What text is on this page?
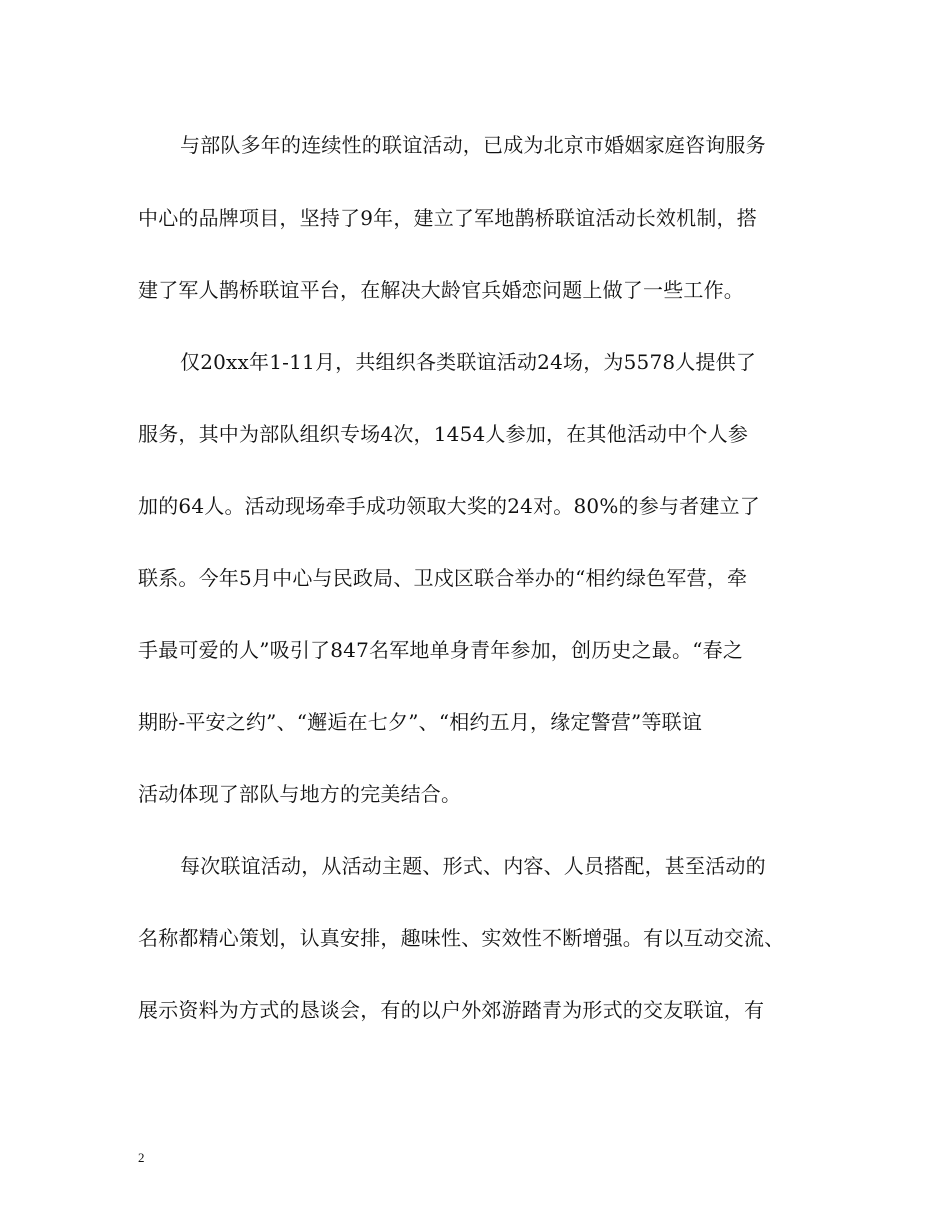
与部队多年的连续性的联谊活动，已成为北京市婚姻家庭咨询服务
中心的品牌项目，坚持了9年，建立了军地鹊桥联谊活动长效机制，搭
建了军人鹊桥联谊平台，在解决大龄官兵婚恋问题上做了一些工作。
仅20xx年1-11月，共组织各类联谊活动24场，为5578人提供了
服务，其中为部队组织专场4次，1454人参加，在其他活动中个人参
加的64人。活动现场牵手成功领取大奖的24对。80%的参与者建立了
联系。今年5月中心与民政局、卫戍区联合举办的“相约绿色军营，牵
手最可爱的人”吸引了847名军地单身青年参加，创历史之最。“春之
期盼-平安之约”、“邂逅在七夕”、“相约五月，缘定警营”等联谊
活动体现了部队与地方的完美结合。
每次联谊活动，从活动主题、形式、内容、人员搭配，甚至活动的
名称都精心策划，认真安排，趣味性、实效性不断增强。有以互动交流、
展示资料为方式的恳谈会，有的以户外郊游踏青为形式的交友联谊，有
2
